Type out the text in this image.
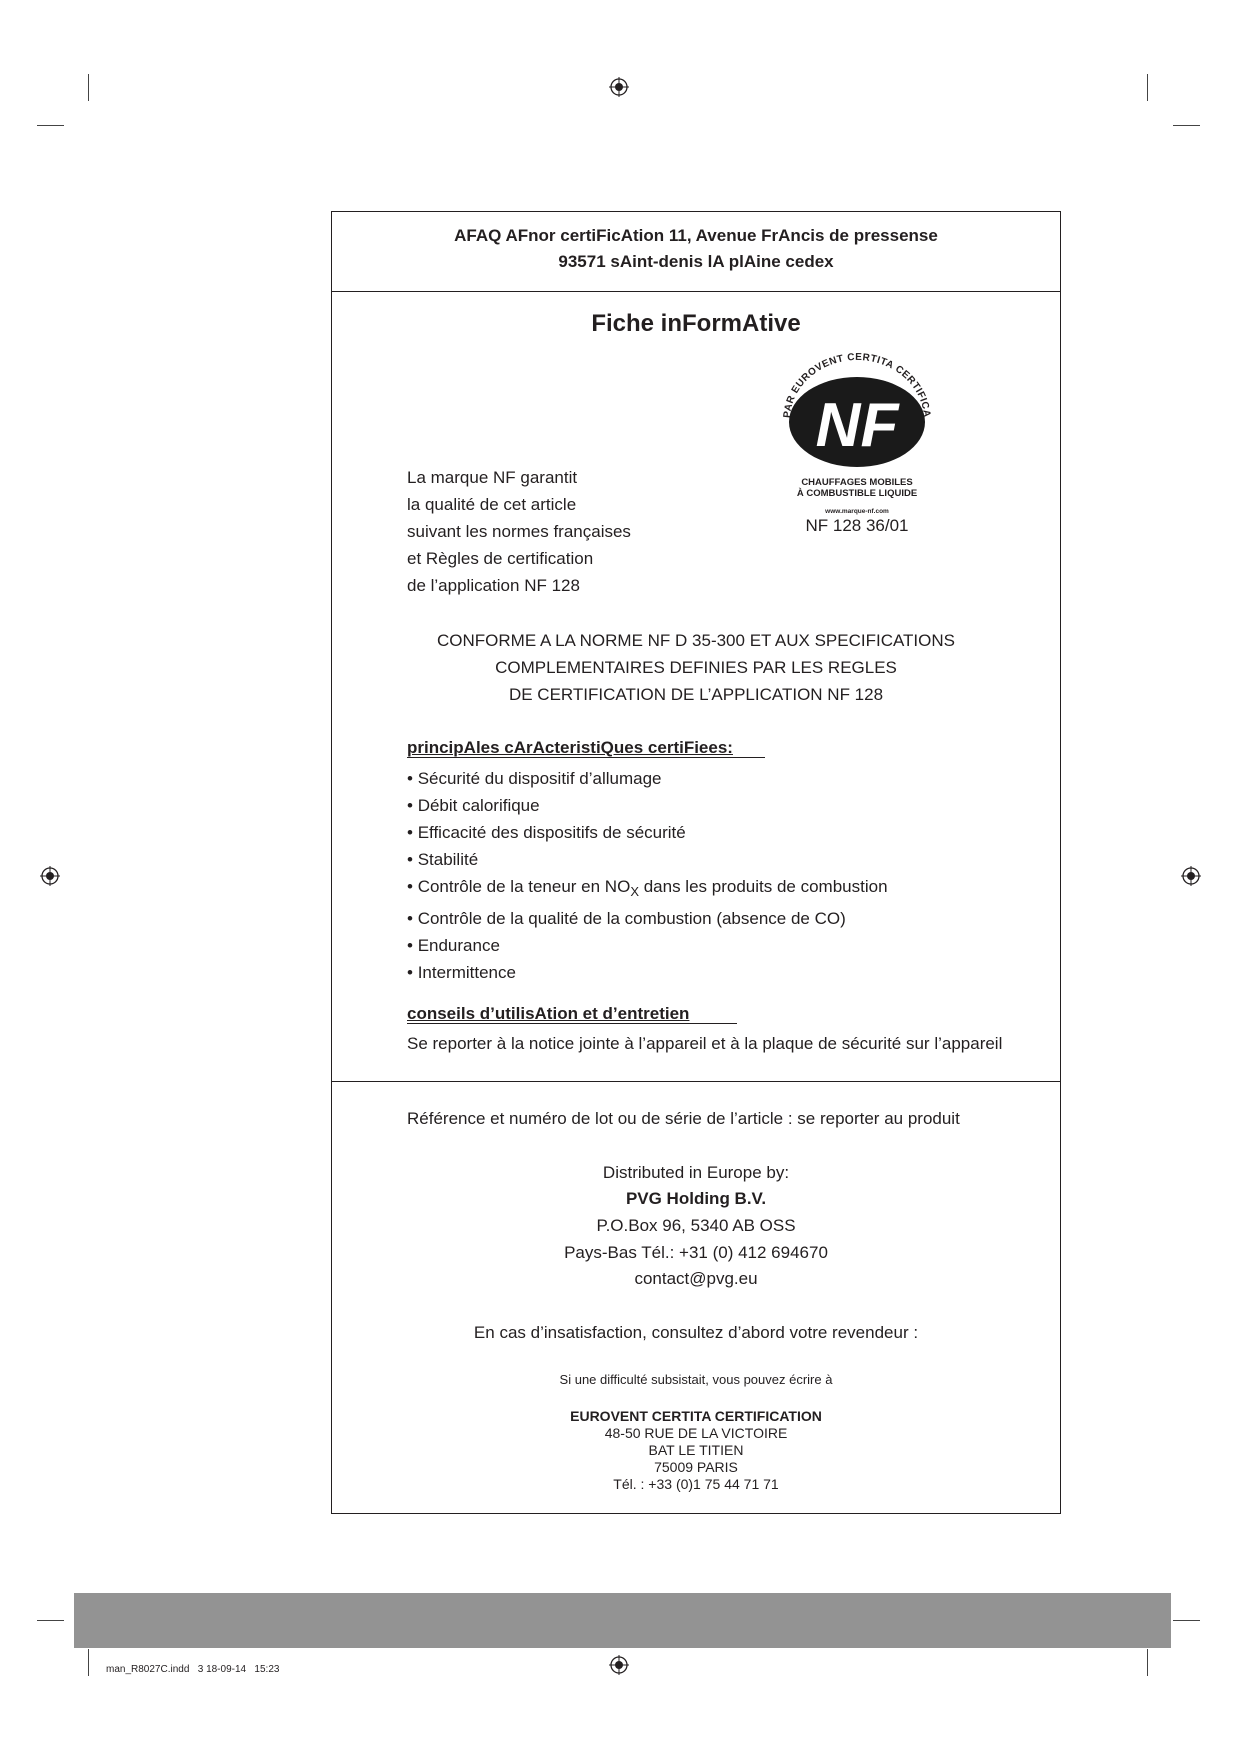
AFAQ AFnor certiFicAtion 11, Avenue FrAncis de pressense
93571 sAint-denis lA plAine cedex
Fiche inFormAtive
PAR EUROVENT CERTITA CERTIFICA
NF
CHAUFFAGES MOBILES
À COMBUSTIBLE LIQUIDE
www.marque-nf.com
NF 128 36/01
La marque NF garantit
la qualité de cet article
suivant les normes françaises
et Règles de certification
de l’application NF 128
CONFORME A LA NORME NF D 35-300 ET AUX SPECIFICATIONS
COMPLEMENTAIRES DEFINIES PAR LES REGLES
DE CERTIFICATION DE L’APPLICATION NF 128
principAles cArActeristiQues certiFiees:
• Sécurité du dispositif d’allumage
• Débit calorifique
• Efficacité des dispositifs de sécurité
• Stabilité
• Contrôle de la teneur en $NO_X$ dans les produits de combustion
• Contrôle de la qualité de la combustion (absence de CO)
• Endurance
• Intermittence
conseils d’utilisAtion et d’entretien
Se reporter à la notice jointe à l’appareil et à la plaque de sécurité sur l’appareil
Référence et numéro de lot ou de série de l’article : se reporter au produit
Distributed in Europe by:
PVG Holding B.V.
P.O.Box 96, 5340 AB OSS
Pays-Bas Tél.: +31 (0) 412 694670
contact@pvg.eu
En cas d’insatisfaction, consultez d’abord votre revendeur :
Si une difficulté subsistait, vous pouvez écrire à
EUROVENT CERTITA CERTIFICATION
48-50 RUE DE LA VICTOIRE
BAT LE TITIEN
75009 PARIS
Tél. : +33 (0)1 75 44 71 71
man_R8027C.indd   3 18-09-14   15:23
